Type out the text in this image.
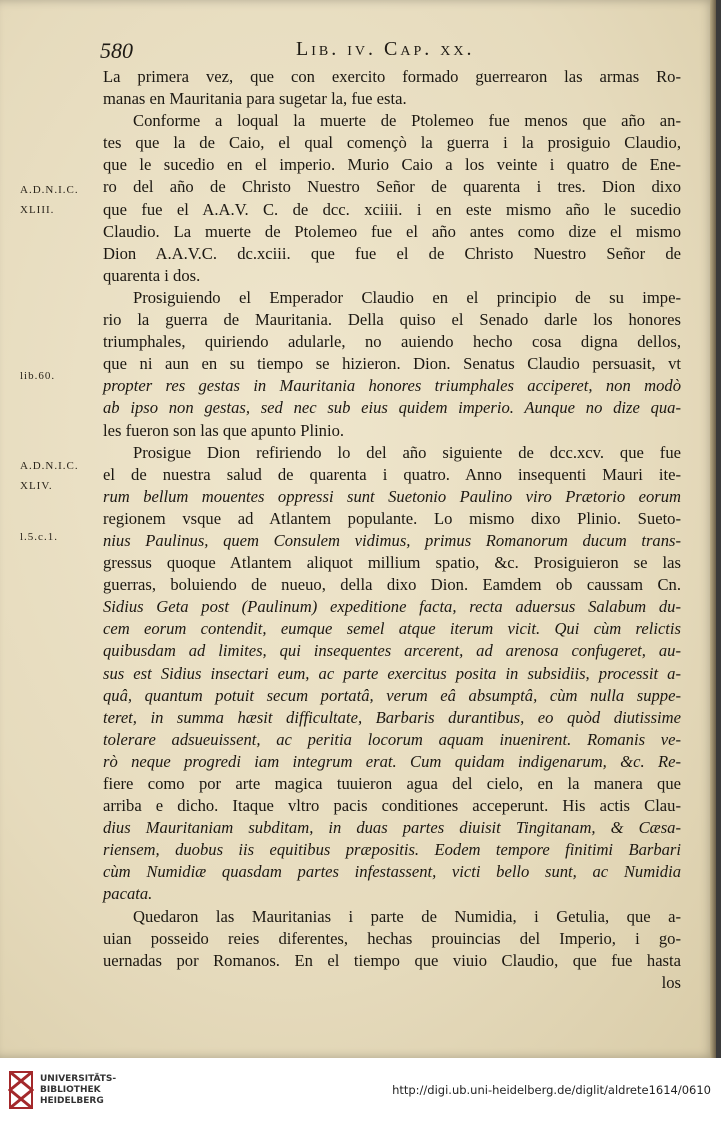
580	Lib. iv. Cap. xx.
A.D.N.I.C.
XLIII.
lib.60.
A.D.N.I.C.
XLIV.
l.5.c.1.
La primera vez, que con exercito formado guerrearon las armas Ro-
manas en Mauritania para sugetar la, fue esta.
Conforme a loqual la muerte de Ptolemeo fue menos que año an-
tes que la de Caio, el qual començò la guerra i la prosiguio Claudio,
que le sucedio en el imperio. Murio Caio a los veinte i quatro de Ene-
ro del año de Christo Nuestro Señor de quarenta i tres. Dion dixo
que fue el A.A.V. C. de dcc. xciiii. i en este mismo año le sucedio
Claudio. La muerte de Ptolemeo fue el año antes como dize el mismo
Dion A.A.V.C. dc.xciii. que fue el de Christo Nuestro Señor de
quarenta i dos.
Prosiguiendo el Emperador Claudio en el principio de su impe-
rio la guerra de Mauritania. Della quiso el Senado darle los honores
triumphales, quiriendo adularle, no auiendo hecho cosa digna dellos,
que ni aun en su tiempo se hizieron. Dion. Senatus Claudio persuasit, vt
propter res gestas in Mauritania honores triumphales acciperet, non modò
ab ipso non gestas, sed nec sub eius quidem imperio. Aunque no dize qua-
les fueron son las que apunto Plinio.
Prosigue Dion refiriendo lo del año siguiente de dcc.xcv. que fue
el de nuestra salud de quarenta i quatro. Anno insequenti Mauri ite-
rum bellum mouentes oppressi sunt Suetonio Paulino viro Prætorio eorum
regionem vsque ad Atlantem populante. Lo mismo dixo Plinio. Sueto-
nius Paulinus, quem Consulem vidimus, primus Romanorum ducum trans-
gressus quoque Atlantem aliquot millium spatio, &c. Prosiguieron se las
guerras, boluiendo de nueuo, della dixo Dion. Eamdem ob caussam Cn.
Sidius Geta post (Paulinum) expeditione facta, recta aduersus Salabum du-
cem eorum contendit, eumque semel atque iterum vicit. Qui cùm relictis
quibusdam ad limites, qui insequentes arcerent, ad arenosa confugeret, au-
sus est Sidius insectari eum, ac parte exercitus posita in subsidiis, processit a-
quâ, quantum potuit secum portatâ, verum eâ absumptâ, cùm nulla suppe-
teret, in summa hæsit difficultate, Barbaris durantibus, eo quòd diutissime
tolerare adsueuissent, ac peritia locorum aquam inuenirent. Romanis ve-
rò neque progredi iam integrum erat. Cum quidam indigenarum, &c. Re-
fiere como por arte magica tuuieron agua del cielo, en la manera que
arriba e dicho. Itaque vltro pacis conditiones acceperunt. His actis Clau-
dius Mauritaniam subditam, in duas partes diuisit Tingitanam, & Cæsa-
riensem, duobus iis equitibus præpositis. Eodem tempore finitimi Barbari
cùm Numidiæ quasdam partes infestassent, victi bello sunt, ac Numidia
pacata.
Quedaron las Mauritanias i parte de Numidia, i Getulia, que a-
uian posseido reies diferentes, hechas prouincias del Imperio, i go-
uernadas por Romanos. En el tiempo que viuio Claudio, que fue hasta
los
UNIVERSITÄTS-
BIBLIOTHEK
HEIDELBERG
http://digi.ub.uni-heidelberg.de/diglit/aldrete1614/0610
